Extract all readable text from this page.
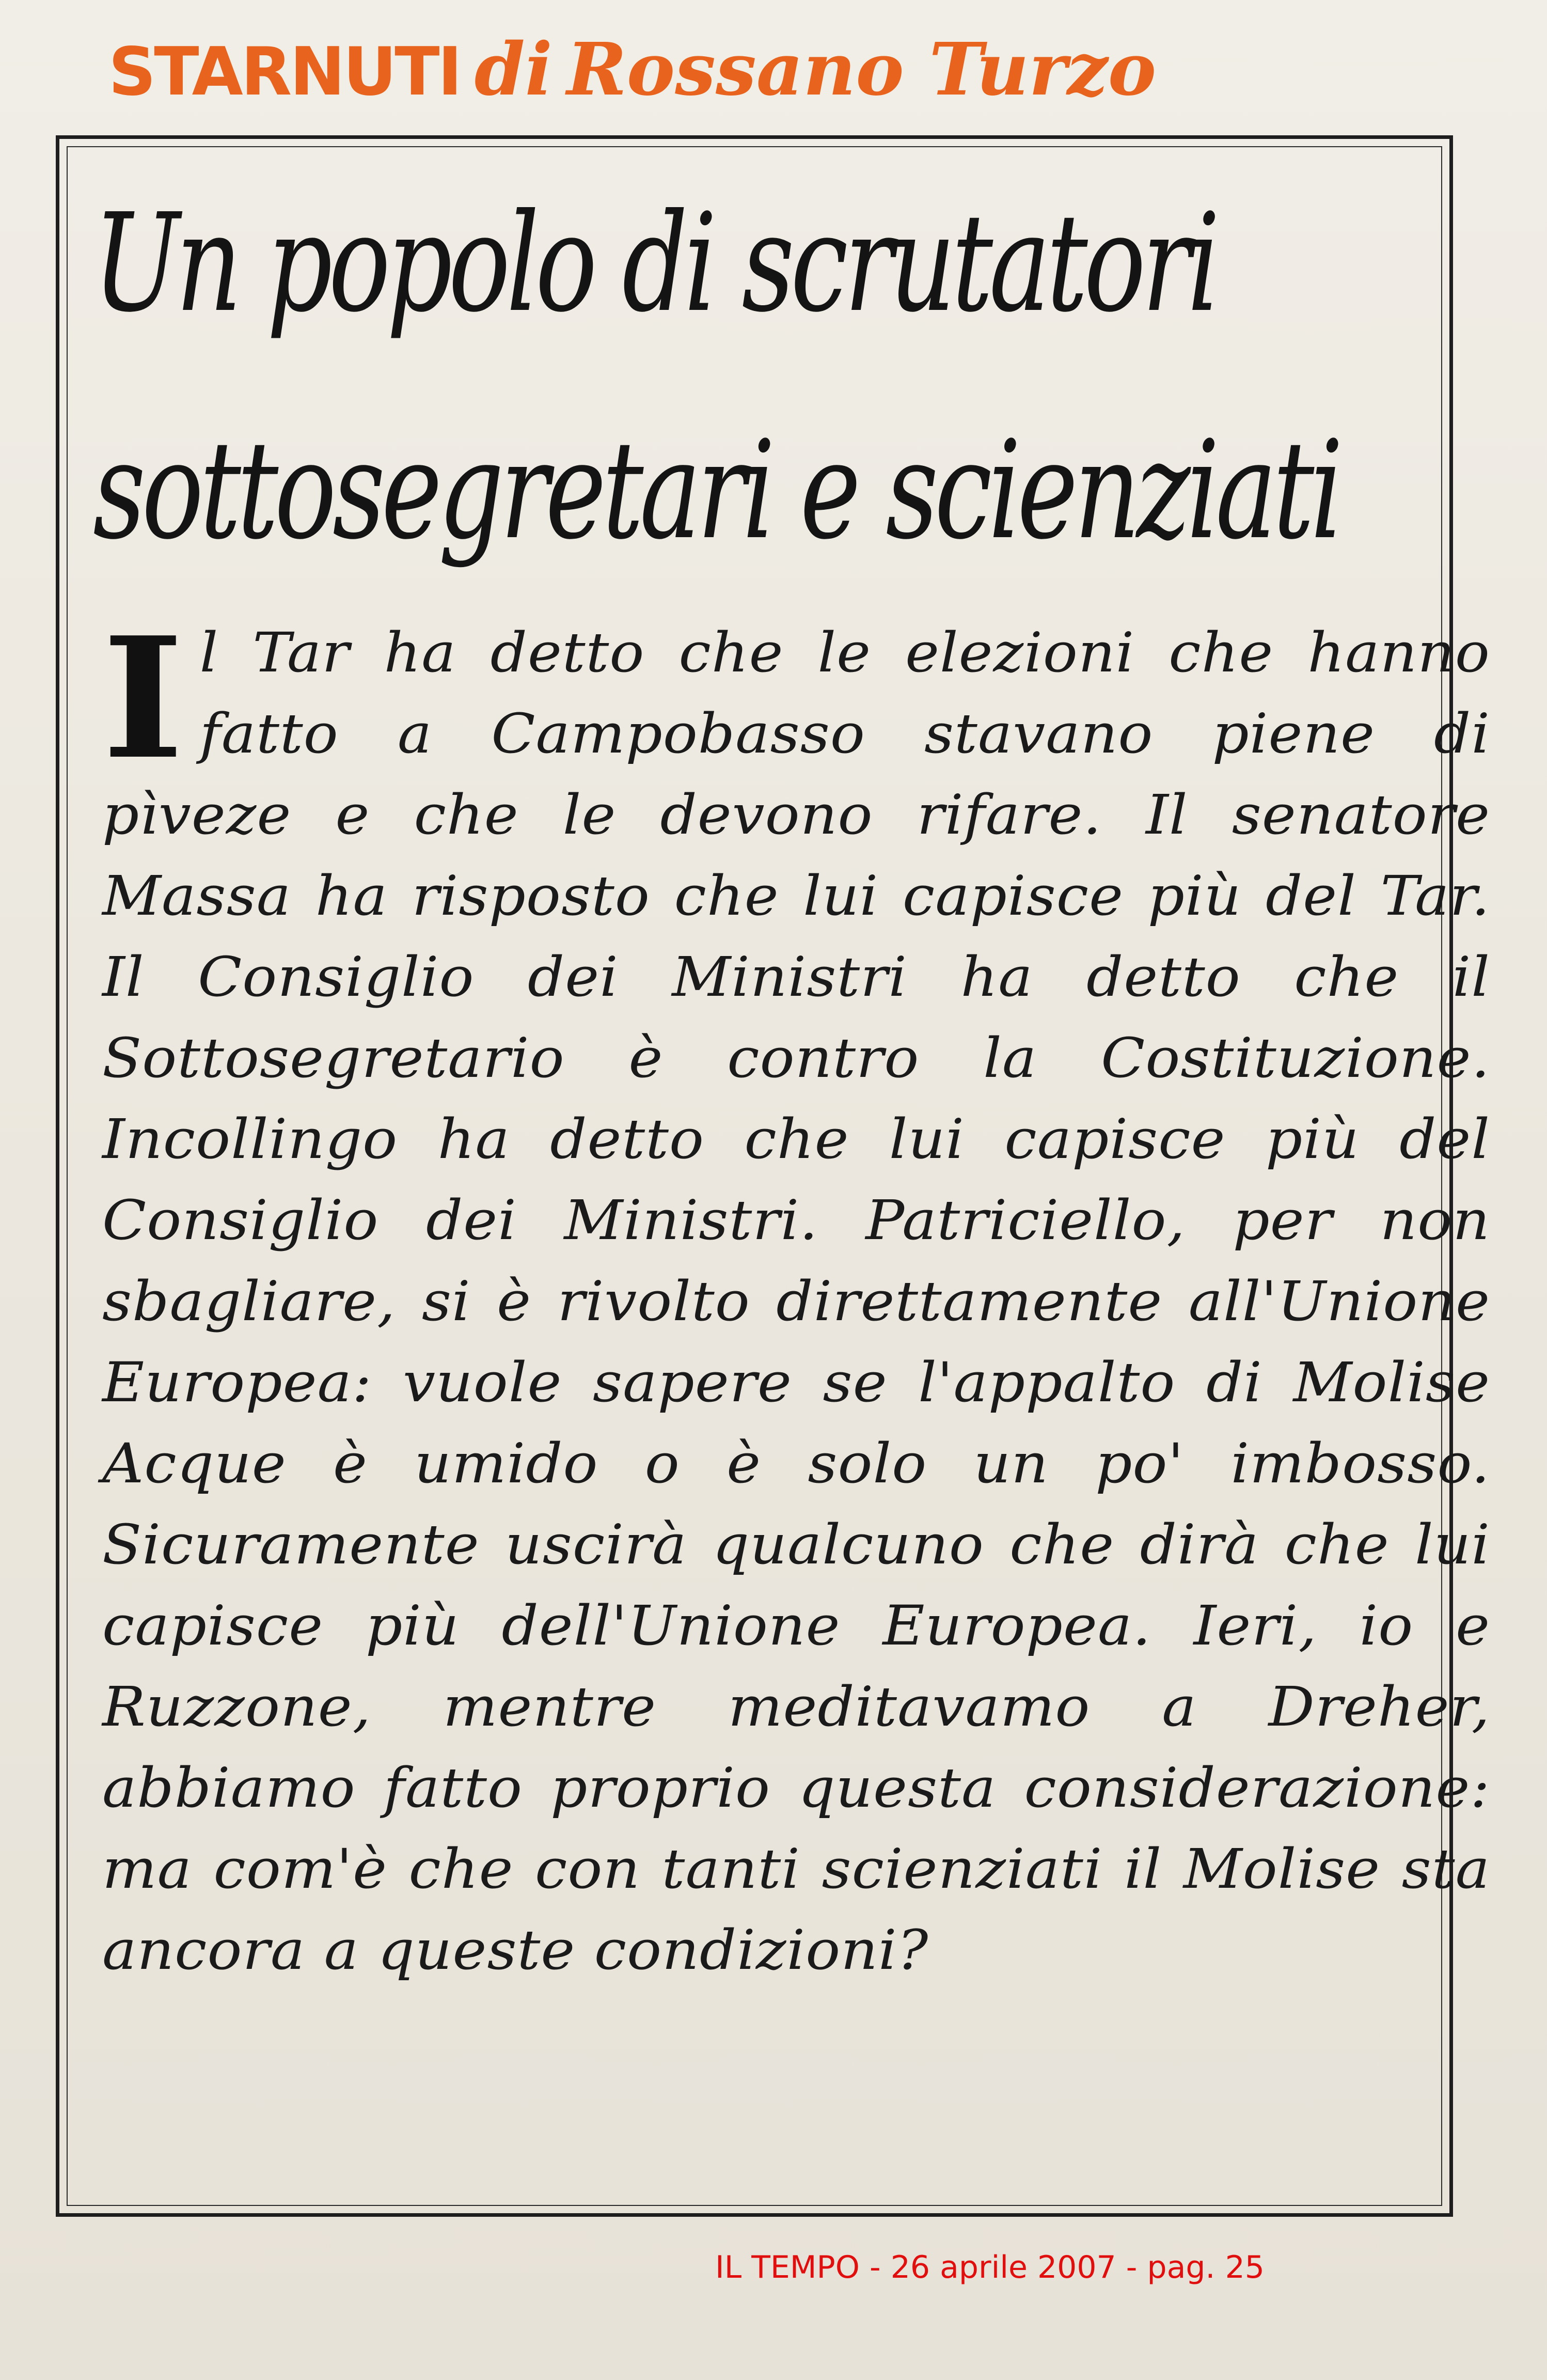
STARNUTI di Rossano Turzo
Un popolo di scrutatori
sottosegretari e scienziati

Il Tar ha detto che le elezioni che hanno fatto a Campobasso stavano piene di pìveze e che le devono rifare. Il senatore Massa ha risposto che lui capisce più del Tar. Il Consiglio dei Ministri ha detto che il Sottosegretario è contro la Costituzione. Incollingo ha detto che lui capisce più del Consiglio dei Ministri. Patriciello, per non sbagliare, si è rivolto direttamente all'Unione Europea: vuole sapere se l'appalto di Molise Acque è umido o è solo un po' imbosso. Sicuramente uscirà qualcuno che dirà che lui capisce più dell'Unione Europea. Ieri, io e Ruzzone, mentre meditavamo a Dreher, abbiamo fatto proprio questa considerazione: ma com'è che con tanti scienziati il Molise sta ancora a queste condizioni?

IL TEMPO - 26 aprile 2007 - pag. 25
